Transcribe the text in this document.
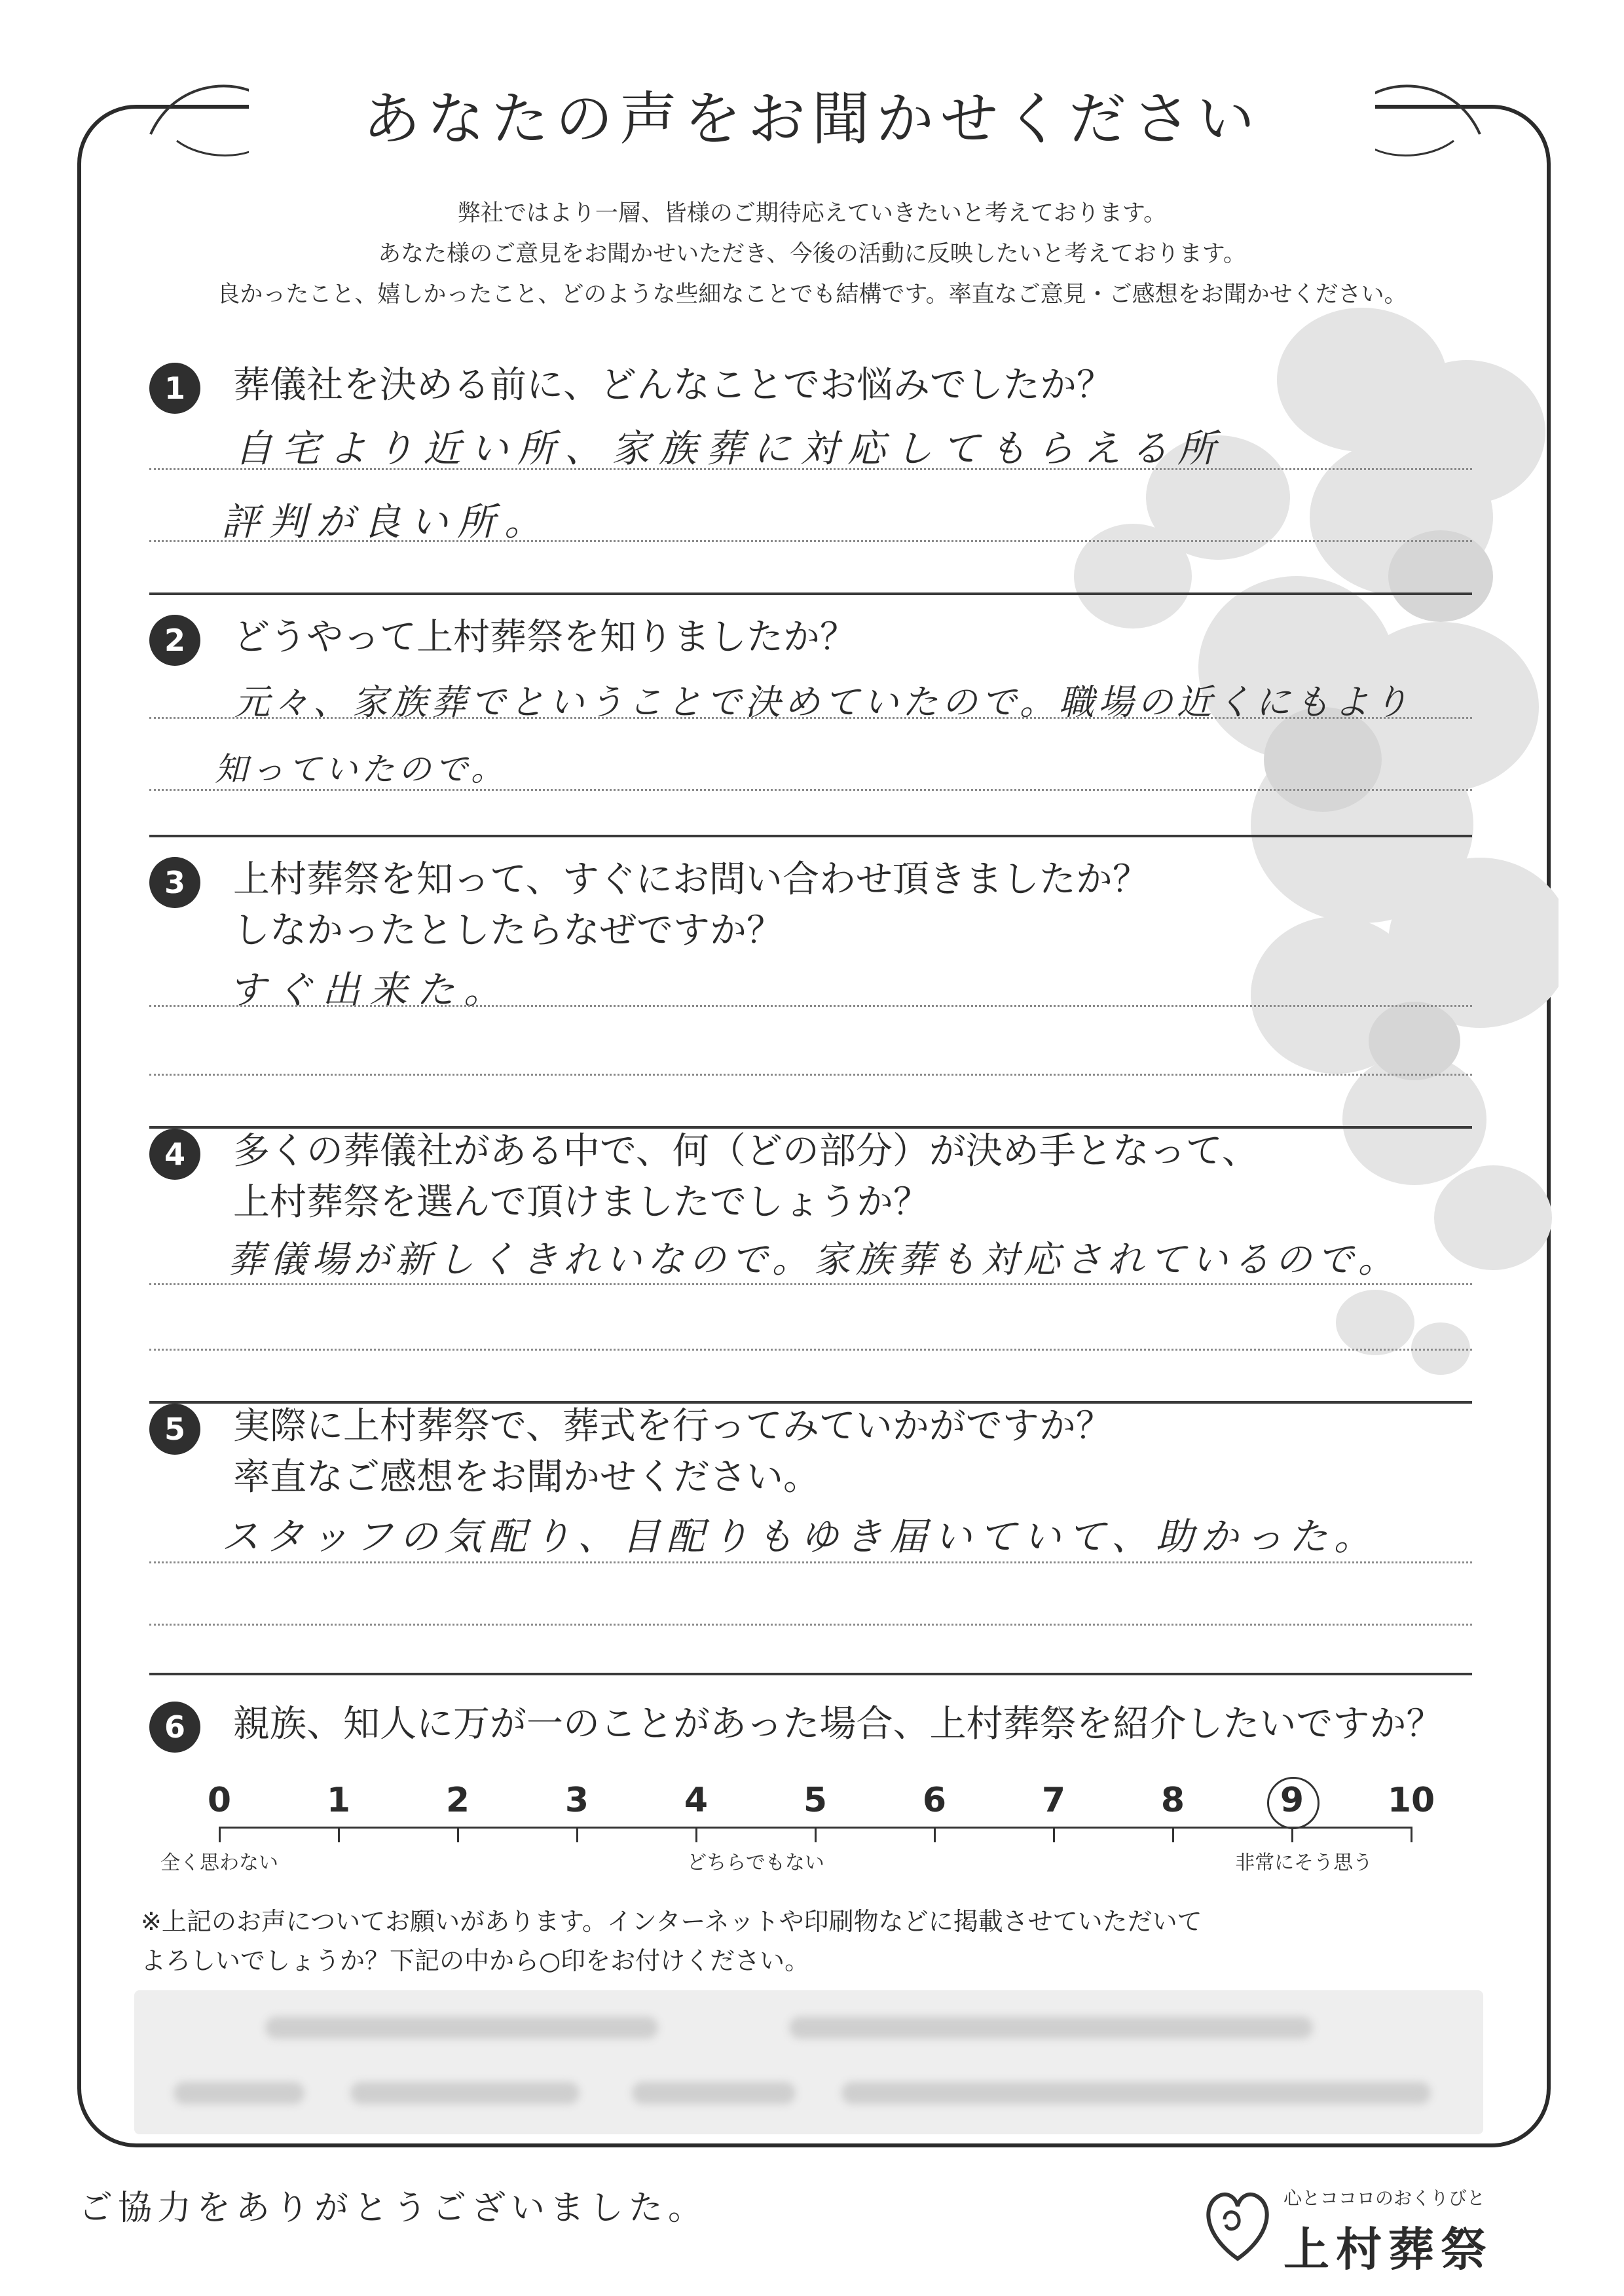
あなたの声をお聞かせください
弊社ではより一層、皆様のご期待応えていきたいと考えております。
あなた様のご意見をお聞かせいただき、今後の活動に反映したいと考えております。
良かったこと、嬉しかったこと、どのような些細なことでも結構です。率直なご意見・ご感想をお聞かせください。
1	葬儀社を決める前に、どんなことでお悩みでしたか？
自宅より近い所、家族葬に対応してもらえる所
評判が良い所。
2	どうやって上村葬祭を知りましたか？
元々、家族葬でということで決めていたので。職場の近くにもより
知っていたので。
3	上村葬祭を知って、すぐにお問い合わせ頂きましたか？
しなかったとしたらなぜですか？
すぐ出来た。
4	多くの葬儀社がある中で、何（どの部分）が決め手となって、
上村葬祭を選んで頂けましたでしょうか？
葬儀場が新しくきれいなので。家族葬も対応されているので。
5	実際に上村葬祭で、葬式を行ってみていかがですか？
率直なご感想をお聞かせください。
スタッフの気配り、目配りもゆき届いていて、助かった。
6	親族、知人に万が一のことがあった場合、上村葬祭を紹介したいですか？
0	1	2	3	4	5	6	7	8	9 10
全く思わない	どちらでもない	非常にそう思う
※上記のお声についてお願いがあります。インターネットや印刷物などに掲載させていただいて
よろしいでしょうか？下記の中から○印をお付けください。
ご協力をありがとうございました。	心とココロのおくりびと
上村葬祭
